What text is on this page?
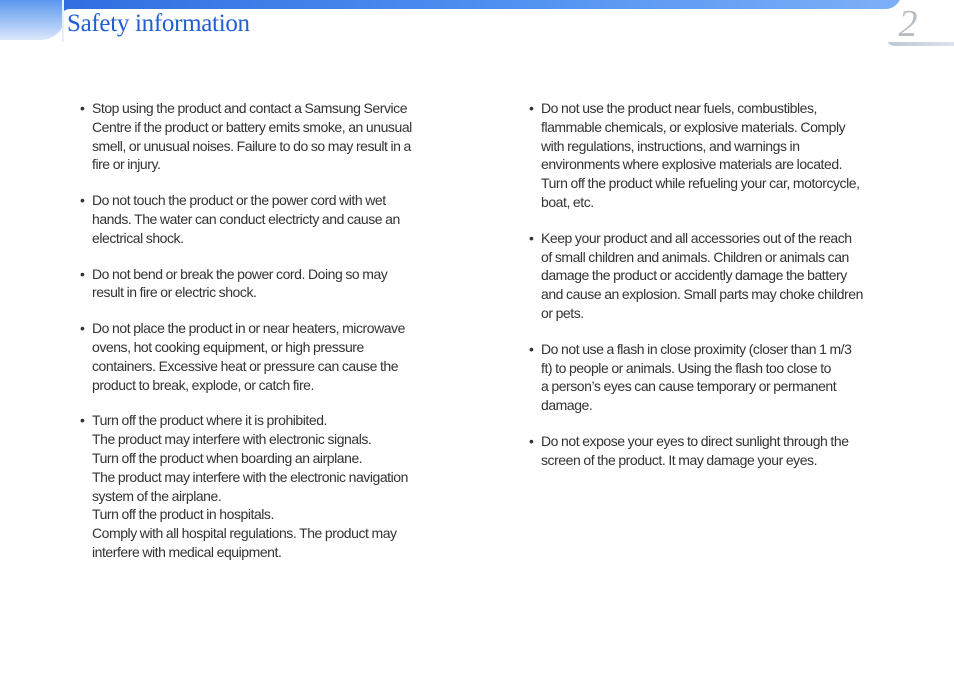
Safety information	2
• Stop using the product and contact a Samsung Service
Centre if the product or battery emits smoke, an unusual
smell, or unusual noises. Failure to do so may result in a
fire or injury.
• Do not touch the product or the power cord with wet
hands. The water can conduct electricty and cause an
electrical shock.
• Do not bend or break the power cord. Doing so may
result in fire or electric shock.
• Do not place the product in or near heaters, microwave
ovens, hot cooking equipment, or high pressure
containers. Excessive heat or pressure can cause the
product to break, explode, or catch fire.
• Turn off the product where it is prohibited.
The product may interfere with electronic signals.
Turn off the product when boarding an airplane.
The product may interfere with the electronic navigation
system of the airplane.
Turn off the product in hospitals.
Comply with all hospital regulations. The product may
interfere with medical equipment.
• Do not use the product near fuels, combustibles,
flammable chemicals, or explosive materials. Comply
with regulations, instructions, and warnings in
environments where explosive materials are located.
Turn off the product while refueling your car, motorcycle,
boat, etc.
• Keep your product and all accessories out of the reach
of small children and animals. Children or animals can
damage the product or accidently damage the battery
and cause an explosion. Small parts may choke children
or pets.
• Do not use a flash in close proximity (closer than 1 m/3
ft) to people or animals. Using the flash too close to
a person’s eyes can cause temporary or permanent
damage.
• Do not expose your eyes to direct sunlight through the
screen of the product. It may damage your eyes.
